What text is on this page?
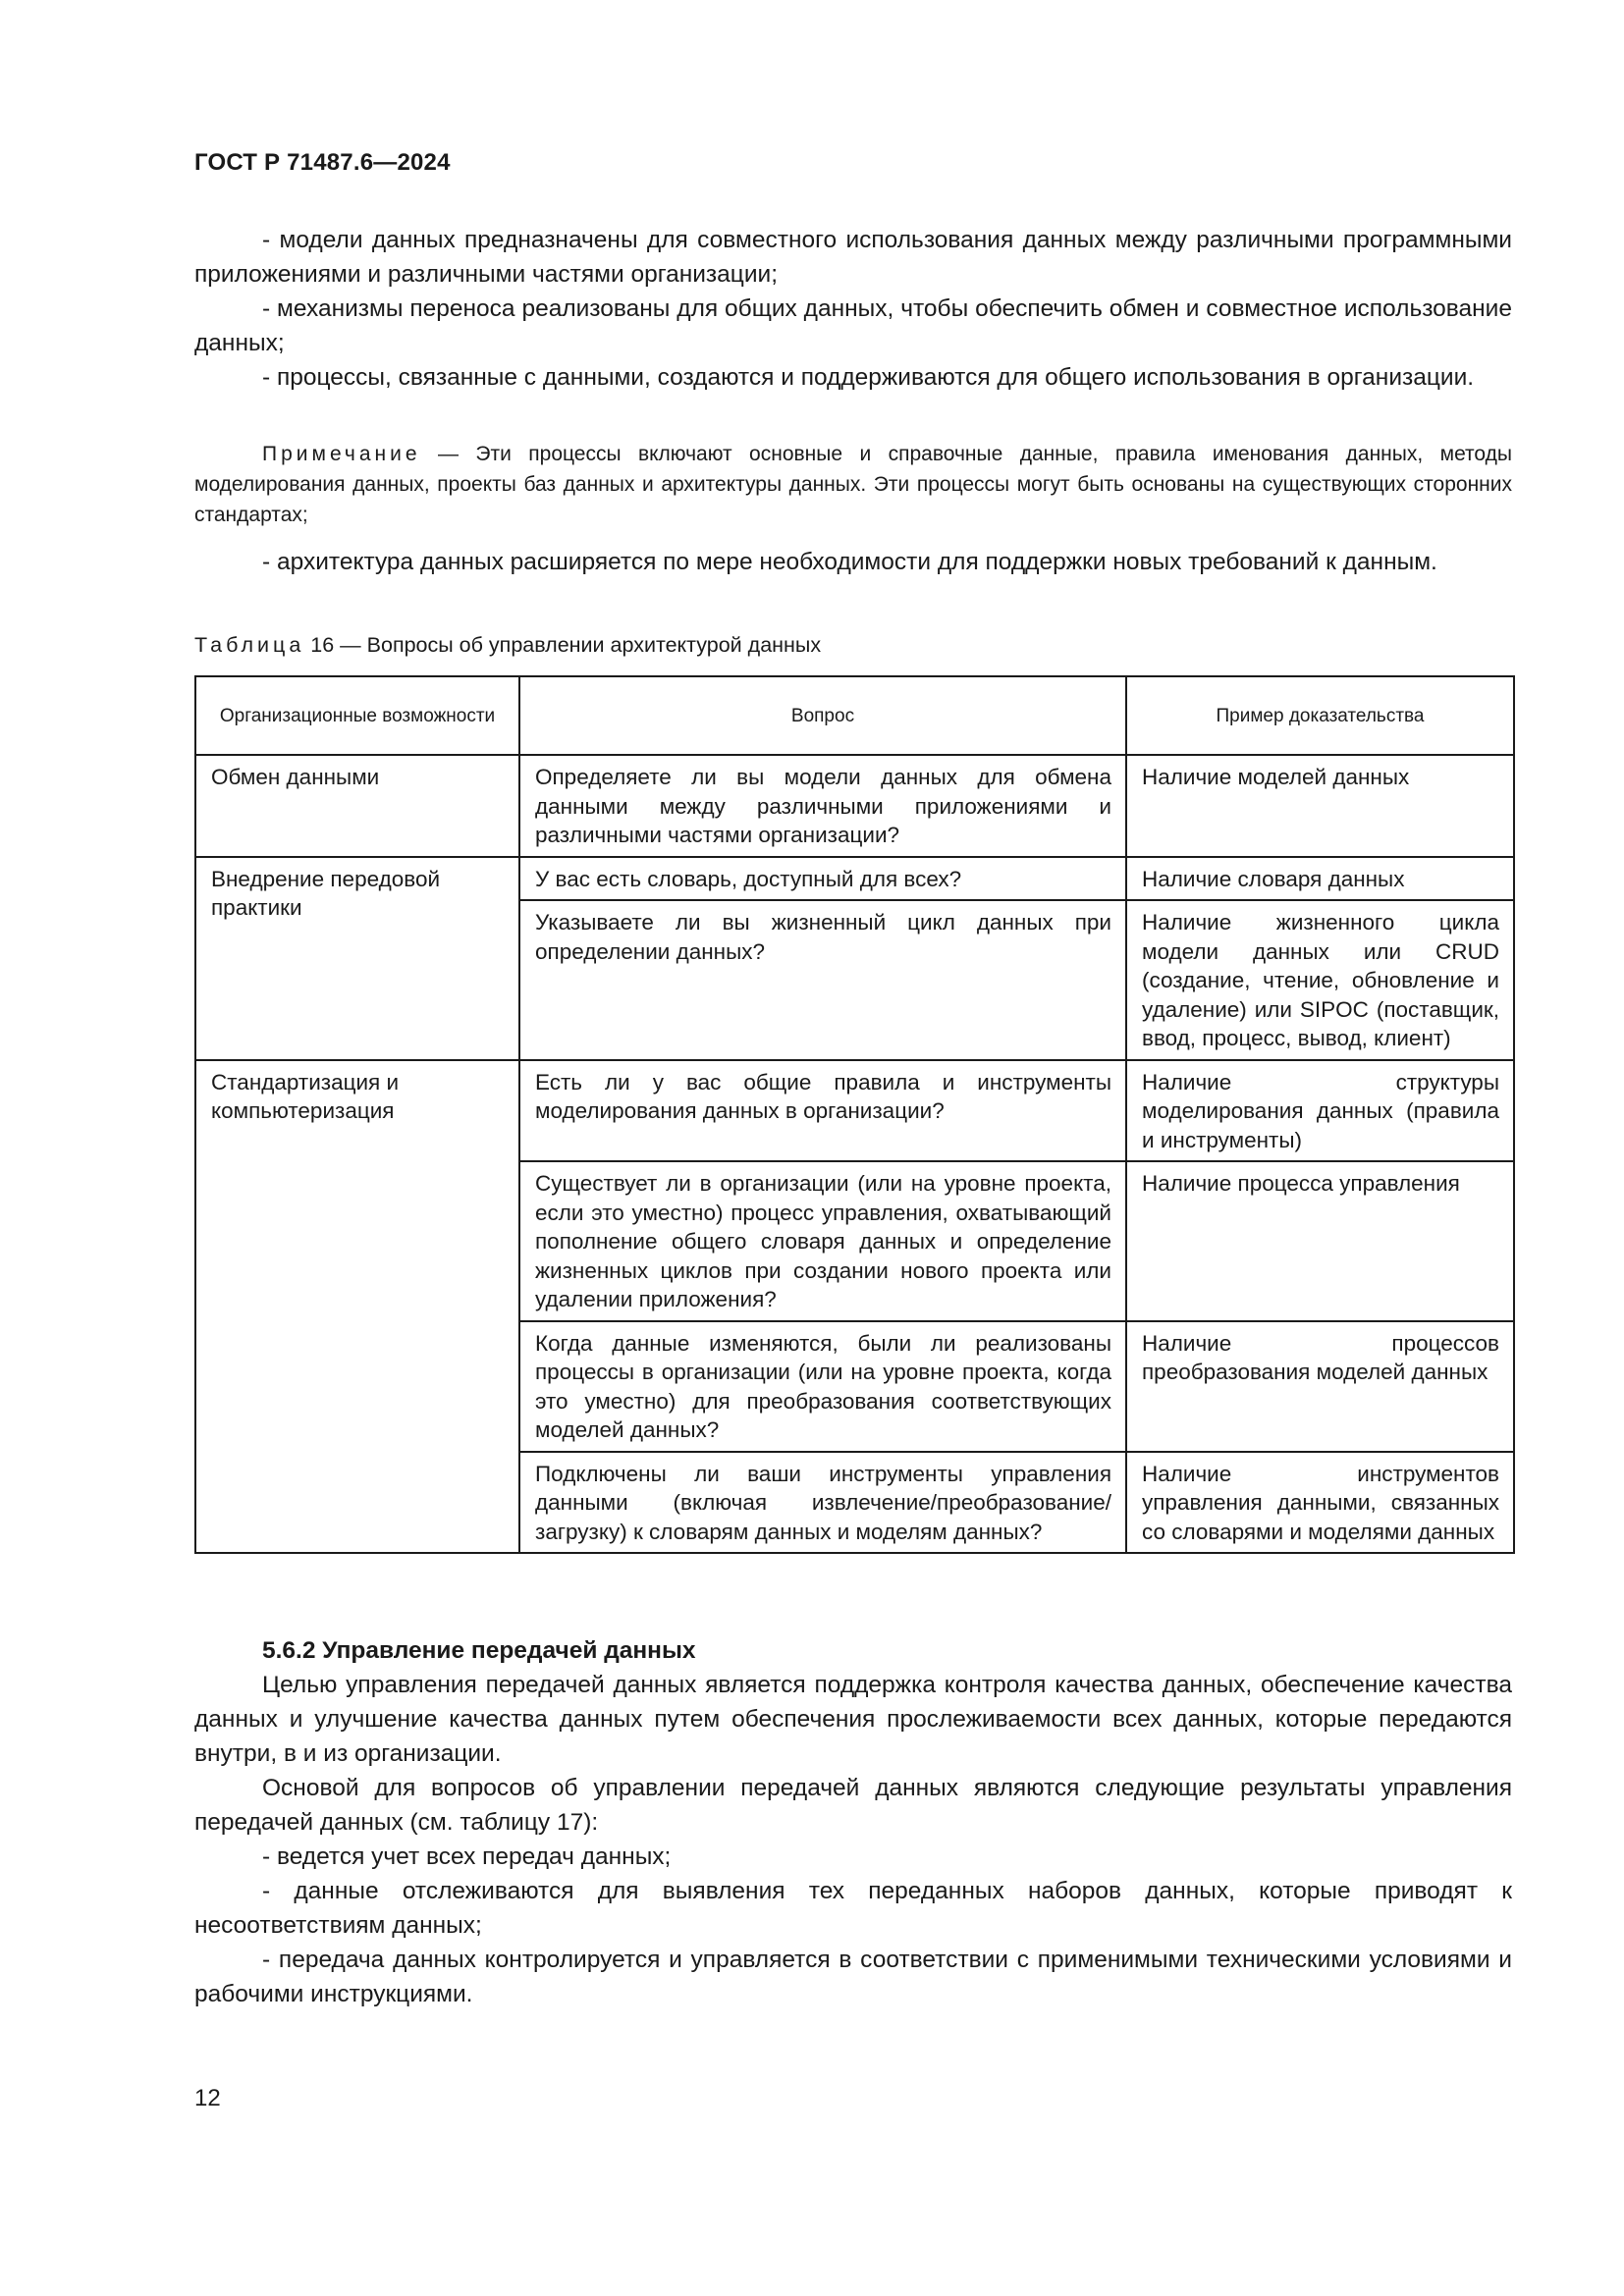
ГОСТ Р 71487.6—2024

- модели данных предназначены для совместного использования данных между различными программными приложениями и различными частями организации;

- механизмы переноса реализованы для общих данных, чтобы обеспечить обмен и совместное использование данных;

- процессы, связанные с данными, создаются и поддерживаются для общего использования в организации.

Примечание — Эти процессы включают основные и справочные данные, правила именования данных, методы моделирования данных, проекты баз данных и архитектуры данных. Эти процессы могут быть основаны на существующих сторонних стандартах;

- архитектура данных расширяется по мере необходимости для поддержки новых требований к данным.

Таблица 16 — Вопросы об управлении архитектурой данных
Организационные возможности	Вопрос	Пример доказательства
Обмен данными	Определяете ли вы модели данных для обмена данными между различными приложениями и различными частями организации?	Наличие моделей данных
Внедрение передовой практики	У вас есть словарь, доступный для всех?	Наличие словаря данных
	Указываете ли вы жизненный цикл данных при определении данных?	Наличие жизненного цикла модели данных или CRUD (создание, чтение, обновление и удаление) или SIPOC (поставщик, ввод, процесс, вывод, клиент)
Стандартизация и компьютеризация	Есть ли у вас общие правила и инструменты моделирования данных в организации?	Наличие структуры моделирования данных (правила и инструменты)
	Существует ли в организации (или на уровне проекта, если это уместно) процесс управления, охватывающий пополнение общего словаря данных и определение жизненных циклов при создании нового проекта или удалении приложения?	Наличие процесса управления
	Когда данные изменяются, были ли реализованы процессы в организации (или на уровне проекта, когда это уместно) для преобразования соответствующих моделей данных?	Наличие процессов преобразования моделей данных
	Подключены ли ваши инструменты управления данными (включая извлечение/преобразование/загрузку) к словарям данных и моделям данных?	Наличие инструментов управления данными, связанных со словарями и моделями данных

5.6.2 Управление передачей данных

Целью управления передачей данных является поддержка контроля качества данных, обеспечение качества данных и улучшение качества данных путем обеспечения прослеживаемости всех данных, которые передаются внутри, в и из организации.

Основой для вопросов об управлении передачей данных являются следующие результаты управления передачей данных (см. таблицу 17):

- ведется учет всех передач данных;

- данные отслеживаются для выявления тех переданных наборов данных, которые приводят к несоответствиям данных;

- передача данных контролируется и управляется в соответствии с применимыми техническими условиями и рабочими инструкциями.

12
